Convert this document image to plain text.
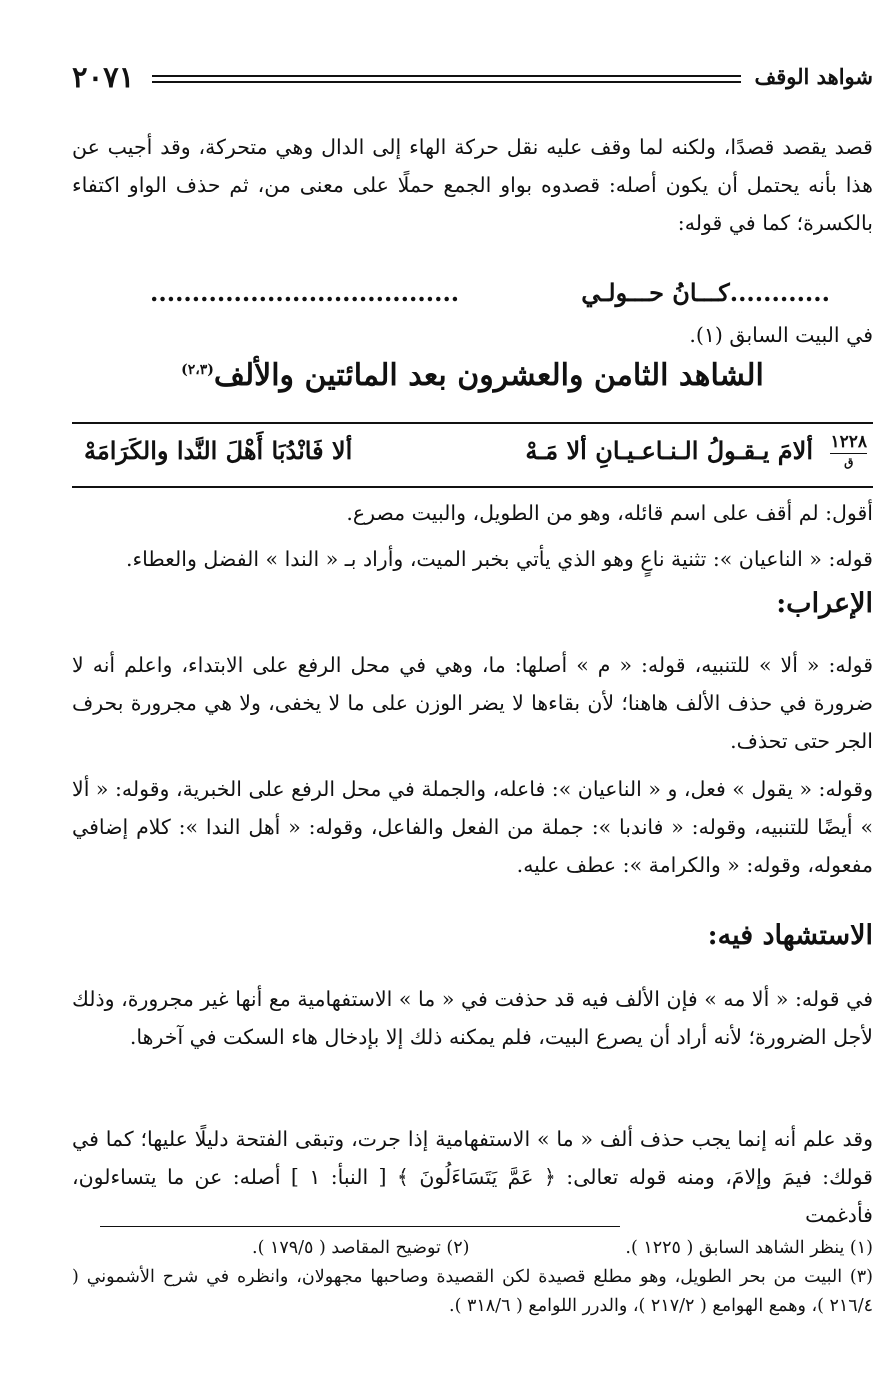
شواهد الوقف
٢٠٧١
قصد يقصد قصدًا، ولكنه لما وقف عليه نقل حركة الهاء إلى الدال وهي متحركة، وقد أجيب عن هذا بأنه يحتمل أن يكون أصله: قصدوه بواو الجمع حملًا على معنى من، ثم حذف الواو اكتفاء بالكسرة؛ كما في قوله:
............كـــانُ حـــولـي
.....................................
في البيت السابق (١).
الشاهد الثامن والعشرون بعد المائتين والألف$^{(٢،٣)}$
١٢٢٨
ق
ألامَ يـقـولُ الـنـاعـيـانِ ألا مَـهْ
ألا فَانْدُبَا أَهْلَ النَّدا والكَرَامَهْ
أقول: لم أقف على اسم قائله، وهو من الطويل، والبيت مصرع.
قوله: « الناعيان »: تثنية ناعٍ وهو الذي يأتي بخبر الميت، وأراد بـ « الندا » الفضل والعطاء.
الإعراب:
قوله: « ألا » للتنبيه، قوله: « م » أصلها: ما، وهي في محل الرفع على الابتداء، واعلم أنه لا ضرورة في حذف الألف هاهنا؛ لأن بقاءها لا يضر الوزن على ما لا يخفى، ولا هي مجرورة بحرف الجر حتى تحذف.
وقوله: « يقول » فعل، و « الناعيان »: فاعله، والجملة في محل الرفع على الخبرية، وقوله: « ألا » أيضًا للتنبيه، وقوله: « فاندبا »: جملة من الفعل والفاعل، وقوله: « أهل الندا »: كلام إضافي مفعوله، وقوله: « والكرامة »: عطف عليه.
الاستشهاد فيه:
في قوله: « ألا مه » فإن الألف فيه قد حذفت في « ما » الاستفهامية مع أنها غير مجرورة، وذلك لأجل الضرورة؛ لأنه أراد أن يصرع البيت، فلم يمكنه ذلك إلا بإدخال هاء السكت في آخرها.
وقد علم أنه إنما يجب حذف ألف « ما » الاستفهامية إذا جرت، وتبقى الفتحة دليلًا عليها؛ كما في قولك: فيمَ وإلامَ، ومنه قوله تعالى: ﴿ عَمَّ يَتَسَاءَلُونَ ﴾ [ النبأ: ١ ] أصله: عن ما يتساءلون، فأدغمت
(١) ينظر الشاهد السابق ( ١٢٢٥ ).
(٢) توضيح المقاصد ( ١٧٩/٥ ).
(٣) البيت من بحر الطويل، وهو مطلع قصيدة لكن القصيدة وصاحبها مجهولان، وانظره في شرح الأشموني ( ٢١٦/٤ )، وهمع الهوامع ( ٢١٧/٢ )، والدرر اللوامع ( ٣١٨/٦ ).
